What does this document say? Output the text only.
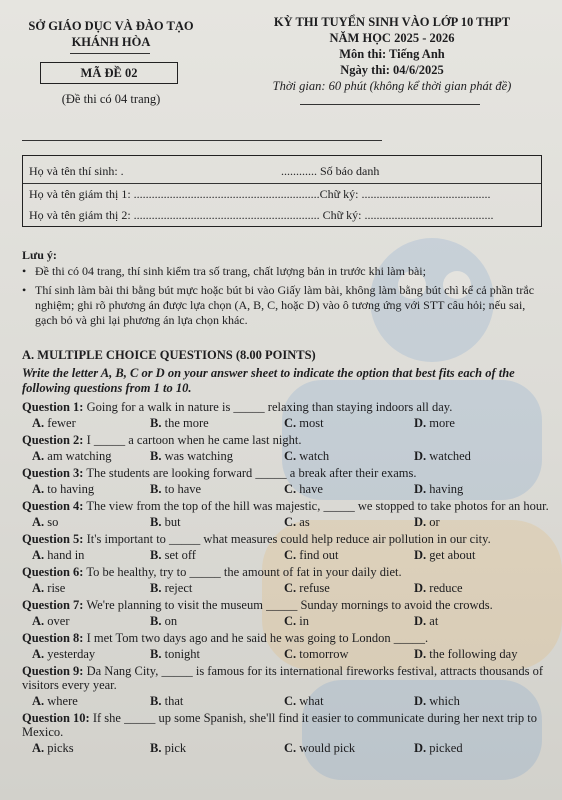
SỞ GIÁO DỤC VÀ ĐÀO TẠO
KHÁNH HÒA
MÃ ĐỀ 02
(Đề thi có 04 trang)
KỲ THI TUYỂN SINH VÀO LỚP 10 THPT
NĂM HỌC 2025 - 2026
Môn thi: Tiếng Anh
Ngày thi: 04/6/2025
Thời gian: 60 phút (không kể thời gian phát đề)
Họ và tên thí sinh: .	............ Số báo danh
Họ và tên giám thị 1: ..............................................................Chữ ký: ...........................................
Họ và tên giám thị 2: .............................................................. Chữ ký: ...........................................
Lưu ý:
• Đề thi có 04 trang, thí sinh kiểm tra số trang, chất lượng bản in trước khi làm bài;
• Thí sinh làm bài thi bằng bút mực hoặc bút bi vào Giấy làm bài, không làm bằng bút chì kể cả phần trắc nghiệm; ghi rõ phương án được lựa chọn (A, B, C, hoặc D) vào ô tương ứng với STT câu hỏi; nếu sai, gạch bỏ và ghi lại phương án lựa chọn khác.
A. MULTIPLE CHOICE QUESTIONS (8.00 POINTS)
Write the letter A, B, C or D on your answer sheet to indicate the option that best fits each of the following questions from 1 to 10.

Question 1: Going for a walk in nature is _____ relaxing than staying indoors all day.

A. fewer	B. the more	C. most	D. more

Question 2: I _____ a cartoon when he came last night.

A. am watching	B. was watching	C. watch	D. watched

Question 3: The students are looking forward _____ a break after their exams.

A. to having	B. to have	C. have	D. having

Question 4: The view from the top of the hill was majestic, _____ we stopped to take photos for an hour.

A. so	B. but	C. as	D. or

Question 5: It's important to _____ what measures could help reduce air pollution in our city.

A. hand in	B. set off	C. find out	D. get about

Question 6: To be healthy, try to _____ the amount of fat in your daily diet.

A. rise	B. reject	C. refuse	D. reduce

Question 7: We're planning to visit the museum _____ Sunday mornings to avoid the crowds.

A. over	B. on	C. in	D. at

Question 8: I met Tom two days ago and he said he was going to London _____.

A. yesterday	B. tonight	C. tomorrow	D. the following day

Question 9: Da Nang City, _____ is famous for its international fireworks festival, attracts thousands of visitors every year.

A. where	B. that	C. what	D. which

Question 10: If she _____ up some Spanish, she'll find it easier to communicate during her next trip to Mexico.

A. picks	B. pick	C. would pick	D. picked
